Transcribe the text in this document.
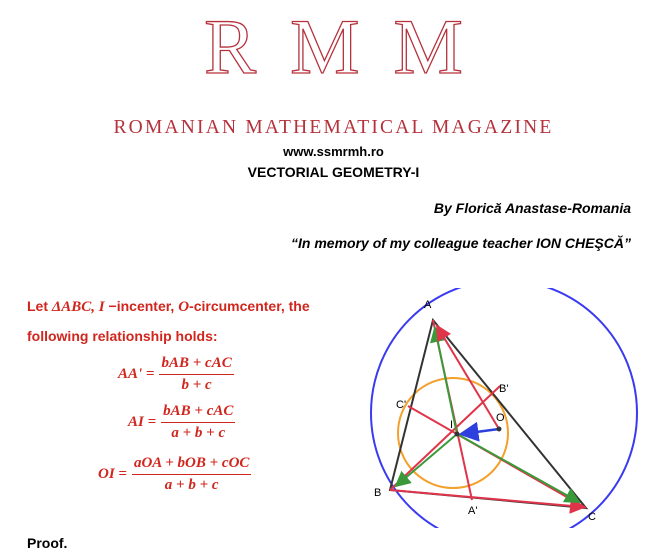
RMM
ROMANIAN MATHEMATICAL MAGAZINE
www.ssmrmh.ro
VECTORIAL GEOMETRY-I
By Florică Anastase-Romania
“In memory of my colleague teacher ION CHEŞCĂ”
Let ΔABC, I −incenter, O-circumcenter, the following relationship holds:
$AA' = \frac{\text{bAB + cAC}}{b + c}$
AI = $\frac{\text{bAB + cAC}}{a + b + c}$
OI = $\frac{\text{aOA + bOB + cOC}}{a + b + c}$
Proof.
A
B
C
A'
B'
C'
I
O
